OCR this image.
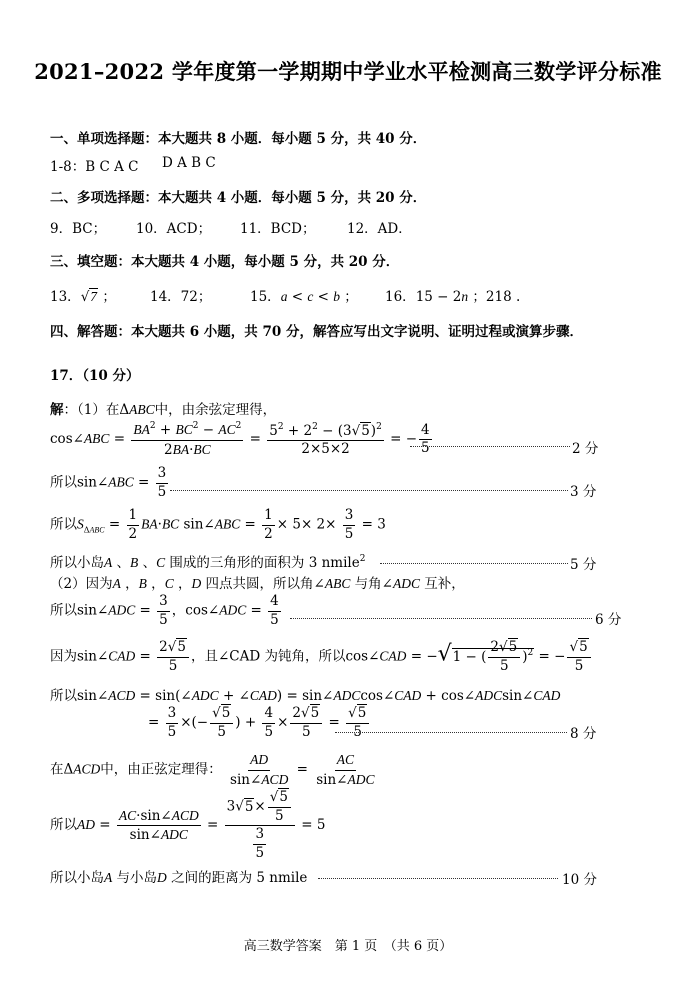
2021–2022 学年度第一学期期中学业水平检测高三数学评分标准
一、单项选择题：本大题共 8 小题．每小题 5 分，共 40 分．
1-8：B C A C D A B C
二、多项选择题：本大题共 4 小题．每小题 5 分，共 20 分．
9．BC； 10．ACD； 11．BCD； 12．AD．
三、填空题：本大题共 4 小题，每小题 5 分，共 20 分．
13．√7 ；	14．72；	15．a < c < b ； 16．15 − 2n ；218 .
四、解答题：本大题共 6 小题，共 70 分，解答应写出文字说明、证明过程或演算步骤．
17．（10 分）
解：（1）在ΔABC中，由余弦定理得，
cos∠ABC = $\frac{BA^2 + BC^2 - AC^2}{2BA\cdot BC} = \frac{5^2 + 2^2 - (3√5)^2}{2\times 5\times 2}$ = − $\frac{4}{5}$	2 分
所以sin∠ABC = $\frac{3}{5}$	3 分
所以$S_{\Delta ABC} = \frac{1}{2} BA\cdot BC$ sin∠ABC = $\frac{1}{2} \times 5\times 2\times \frac{3}{5} = 3$
所以小岛A 、B 、C 围成的三角形的面积为 3 nmile$^2$	5 分
（2）因为A ，B ，C ，D 四点共圆，所以角∠ABC 与角∠ADC 互补，
所以sin∠ADC = $\frac{3}{5}$ ，cos∠ADC = $\frac{4}{5}$	6 分
因为sin∠CAD = $\frac{2√5}{5}$ ，且∠CAD 为钝角，所以cos∠CAD = −√1 − ( $\frac{2√5}{5} )^2$ = − $\frac{√5}{5}$
所以sin∠ACD = sin(∠ADC + ∠CAD) = sin∠ADCcos∠CAD + cos∠ADCsin∠CAD
= $\frac{3}{5}$ ×(− $\frac{√5}{5}$ ) + $\frac{4}{5} \times \frac{2√5}{5} = \frac{√5}{5}$	8 分
在ΔACD中，由正弦定理得： $\frac{AD}{\text{sin∠ACD}} = \frac{AC}{\text{sin∠ADC}}$
所以AD = $\frac{\text{AC·sin∠ACD}}{\text{sin∠ADC}} = \frac{3√5\times \frac{√5}{5}}{\frac{3}{5}} = 5$
所以小岛A 与小岛D 之间的距离为 5 nmile	10 分
高三数学答案　第 1 页　（共 6 页）
